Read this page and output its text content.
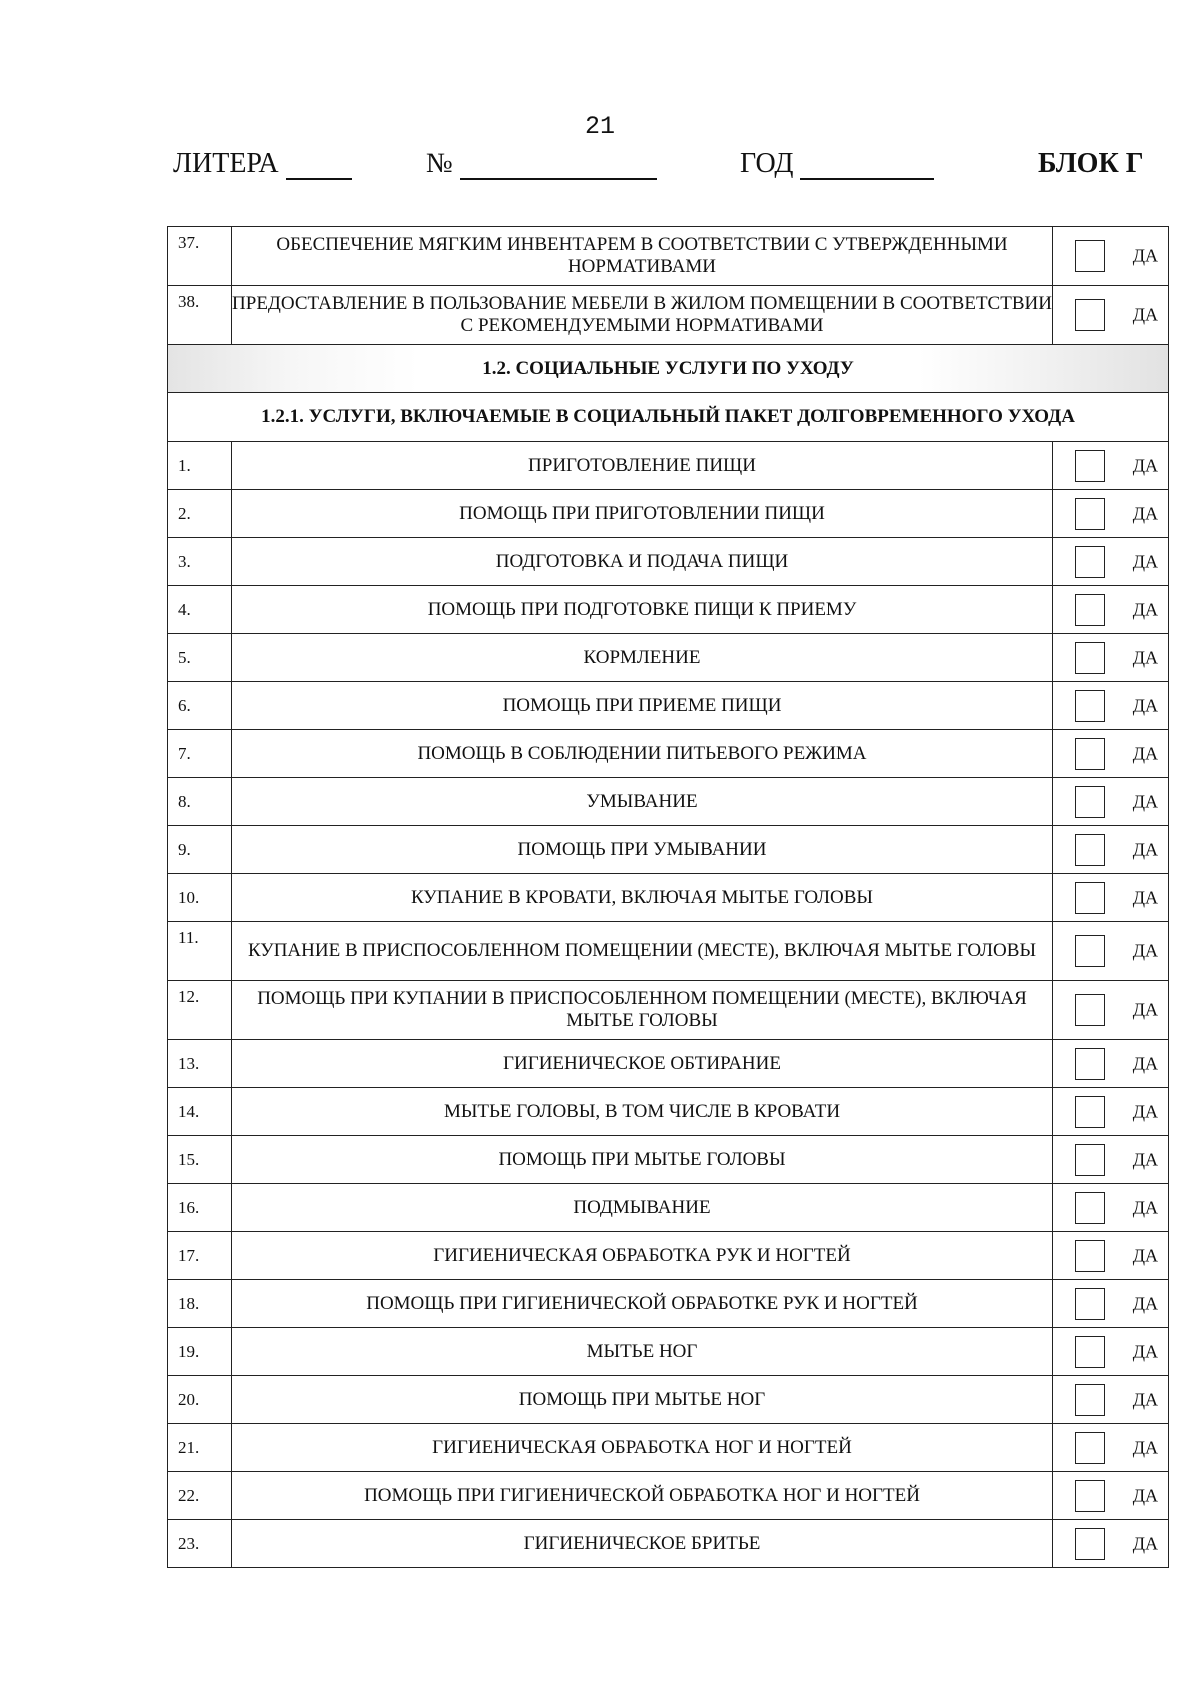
21
ЛИТЕРА	№	ГОД	БЛОК Г
37.	ОБЕСПЕЧЕНИЕ МЯГКИМ ИНВЕНТАРЕМ В СООТВЕТСТВИИ С УТВЕРЖДЕННЫМИ НОРМАТИВАМИ	ДА

38.	ПРЕДОСТАВЛЕНИЕ В ПОЛЬЗОВАНИЕ МЕБЕЛИ В ЖИЛОМ ПОМЕЩЕНИИ В СООТВЕТСТВИИ С РЕКОМЕНДУЕМЫМИ НОРМАТИВАМИ	ДА

1.2. СОЦИАЛЬНЫЕ УСЛУГИ ПО УХОДУ		
1.2.1. УСЛУГИ, ВКЛЮЧАЕМЫЕ В СОЦИАЛЬНЫЙ ПАКЕТ ДОЛГОВРЕМЕННОГО УХОДА		
1.	ПРИГОТОВЛЕНИЕ ПИЩИ	ДА

2.	ПОМОЩЬ ПРИ ПРИГОТОВЛЕНИИ ПИЩИ	ДА

3.	ПОДГОТОВКА И ПОДАЧА ПИЩИ	ДА

4.	ПОМОЩЬ ПРИ ПОДГОТОВКЕ ПИЩИ К ПРИЕМУ	ДА

5.	КОРМЛЕНИЕ	ДА

6.	ПОМОЩЬ ПРИ ПРИЕМЕ ПИЩИ	ДА

7.	ПОМОЩЬ В СОБЛЮДЕНИИ ПИТЬЕВОГО РЕЖИМА	ДА

8.	УМЫВАНИЕ	ДА

9.	ПОМОЩЬ ПРИ УМЫВАНИИ	ДА

10.	КУПАНИЕ В КРОВАТИ, ВКЛЮЧАЯ МЫТЬЕ ГОЛОВЫ	ДА

11.	КУПАНИЕ В ПРИСПОСОБЛЕННОМ ПОМЕЩЕНИИ (МЕСТЕ), ВКЛЮЧАЯ МЫТЬЕ ГОЛОВЫ	ДА

12.	ПОМОЩЬ ПРИ КУПАНИИ В ПРИСПОСОБЛЕННОМ ПОМЕЩЕНИИ (МЕСТЕ), ВКЛЮЧАЯ МЫТЬЕ ГОЛОВЫ	ДА

13.	ГИГИЕНИЧЕСКОЕ ОБТИРАНИЕ	ДА

14.	МЫТЬЕ ГОЛОВЫ, В ТОМ ЧИСЛЕ В КРОВАТИ	ДА

15.	ПОМОЩЬ ПРИ МЫТЬЕ ГОЛОВЫ	ДА

16.	ПОДМЫВАНИЕ	ДА

17.	ГИГИЕНИЧЕСКАЯ ОБРАБОТКА РУК И НОГТЕЙ	ДА

18.	ПОМОЩЬ ПРИ ГИГИЕНИЧЕСКОЙ ОБРАБОТКЕ РУК И НОГТЕЙ	ДА

19.	МЫТЬЕ НОГ	ДА

20.	ПОМОЩЬ ПРИ МЫТЬЕ НОГ	ДА

21.	ГИГИЕНИЧЕСКАЯ ОБРАБОТКА НОГ И НОГТЕЙ	ДА

22.	ПОМОЩЬ ПРИ ГИГИЕНИЧЕСКОЙ ОБРАБОТКА НОГ И НОГТЕЙ	ДА

23.	ГИГИЕНИЧЕСКОЕ БРИТЬЕ	ДА
